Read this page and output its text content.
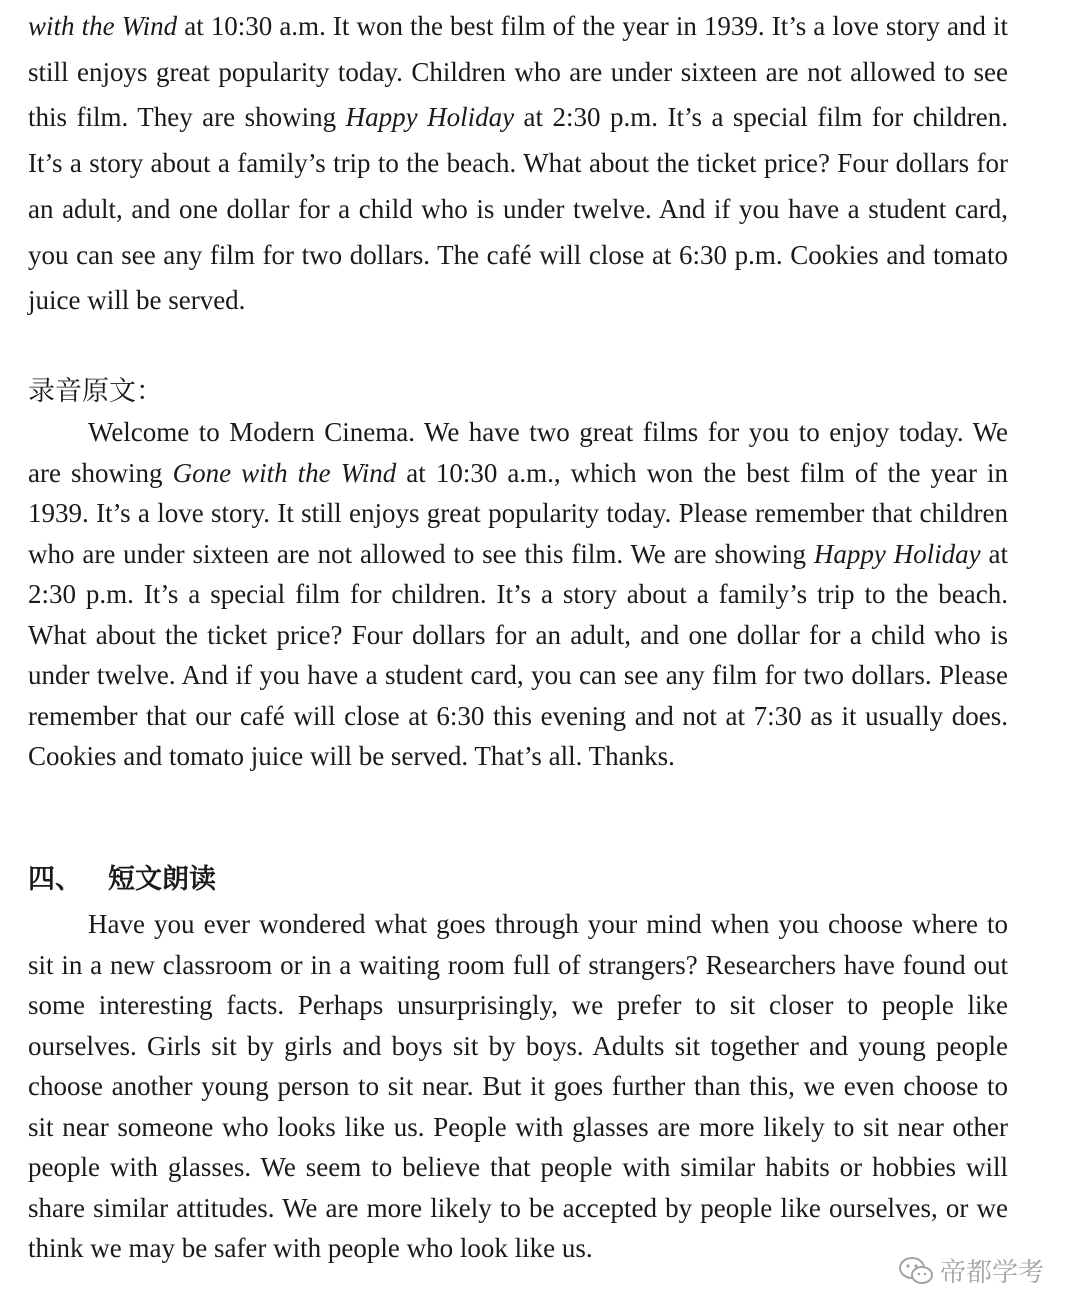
with the Wind at 10:30 a.m. It won the best film of the year in 1939. It’s a love story and it still enjoys great popularity today. Children who are under sixteen are not allowed to see this film. They are showing Happy Holiday at 2:30 p.m. It’s a special film for children. It’s a story about a family’s trip to the beach. What about the ticket price? Four dollars for an adult, and one dollar for a child who is under twelve. And if you have a student card, you can see any film for two dollars. The café will close at 6:30 p.m. Cookies and tomato juice will be served.

录音原文：

Welcome to Modern Cinema. We have two great films for you to enjoy today. We are showing Gone with the Wind at 10:30 a.m., which won the best film of the year in 1939. It’s a love story. It still enjoys great popularity today. Please remember that children who are under sixteen are not allowed to see this film. We are showing Happy Holiday at 2:30 p.m. It’s a special film for children. It’s a story about a family’s trip to the beach. What about the ticket price? Four dollars for an adult, and one dollar for a child who is under twelve. And if you have a student card, you can see any film for two dollars. Please remember that our café will close at 6:30 this evening and not at 7:30 as it usually does. Cookies and tomato juice will be served. That’s all. Thanks.

四、 短文朗读

Have you ever wondered what goes through your mind when you choose where to sit in a new classroom or in a waiting room full of strangers? Researchers have found out some interesting facts. Perhaps unsurprisingly, we prefer to sit closer to people like ourselves. Girls sit by girls and boys sit by boys. Adults sit together and young people choose another young person to sit near. But it goes further than this, we even choose to sit near someone who looks like us. People with glasses are more likely to sit near other people with glasses. We seem to believe that people with similar habits or hobbies will share similar attitudes. We are more likely to be accepted by people like ourselves, or we think we may be safer with people who look like us.

帝都学考
